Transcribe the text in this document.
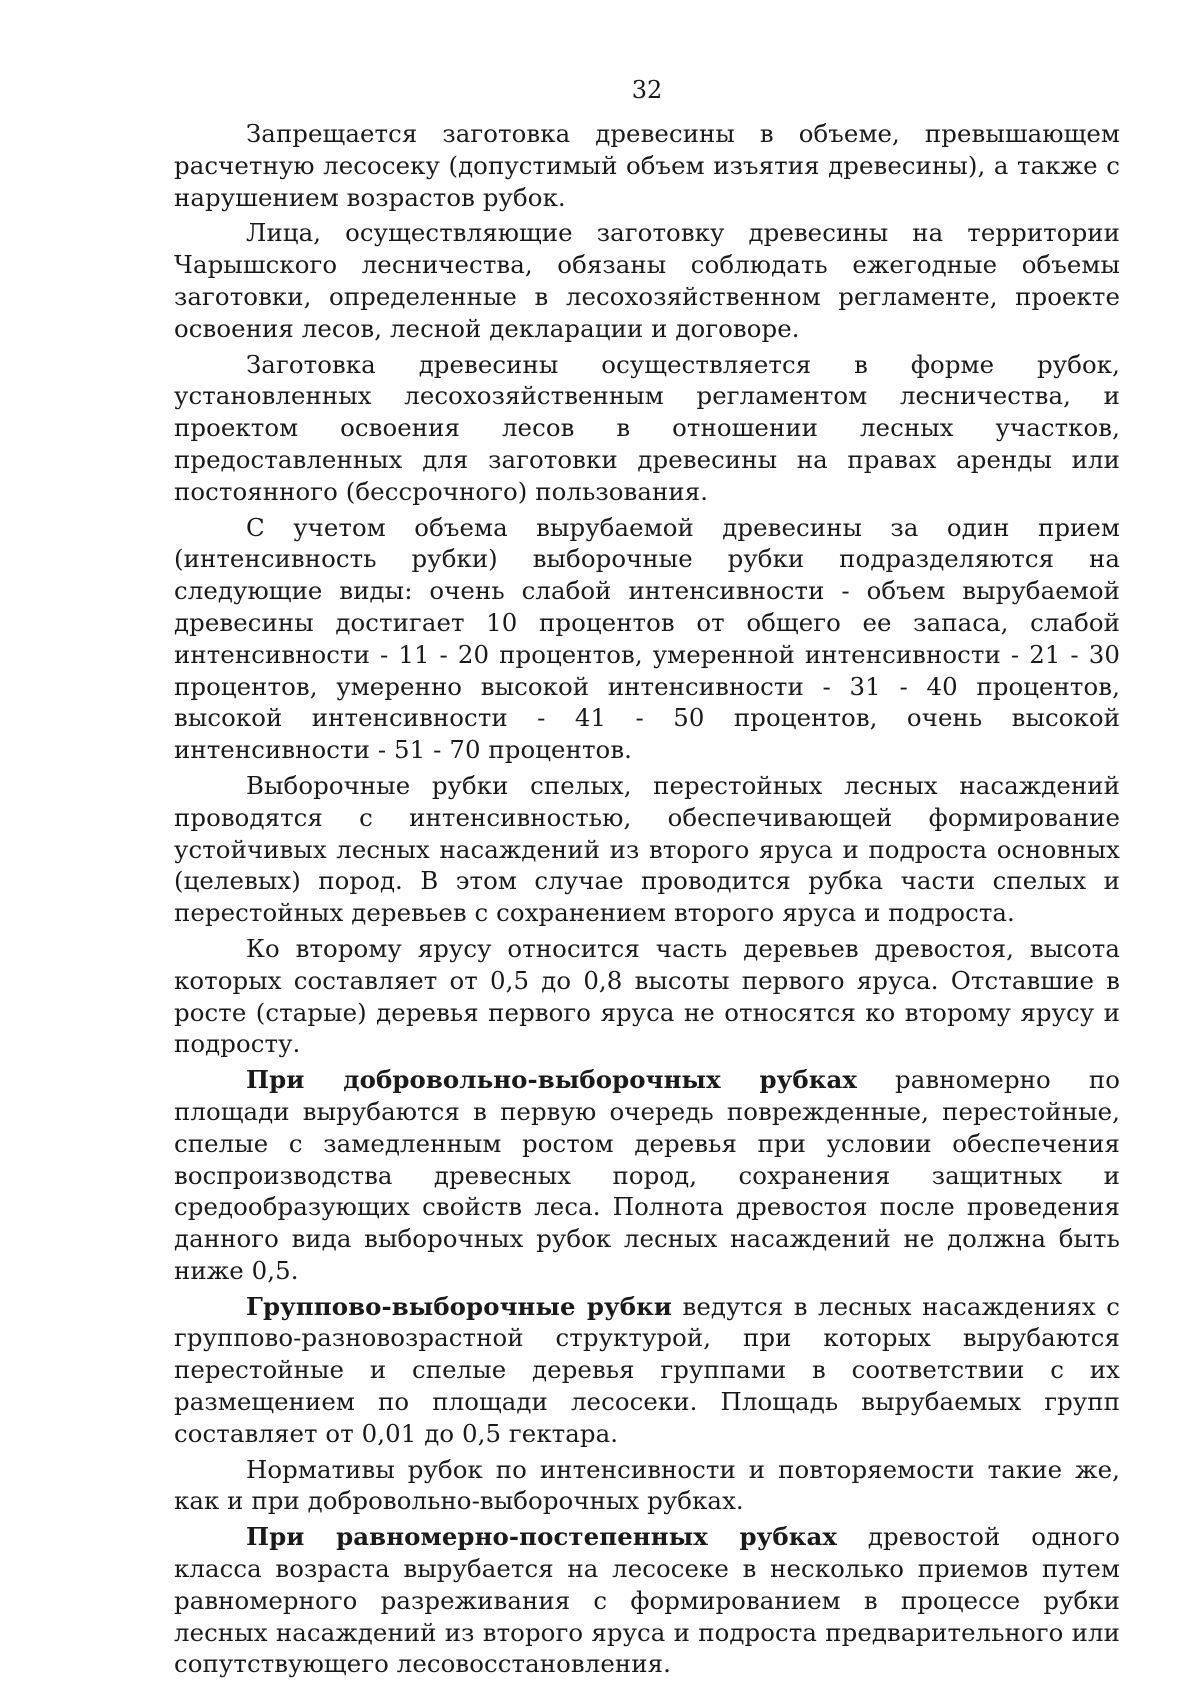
32

Запрещается заготовка древесины в объеме, превышающем расчетную лесосеку (допустимый объем изъятия древесины), а также с нарушением возрастов рубок.

Лица, осуществляющие заготовку древесины на территории Чарышского лесничества, обязаны соблюдать ежегодные объемы заготовки, определенные в лесохозяйственном регламенте, проекте освоения лесов, лесной декларации и договоре.

Заготовка древесины осуществляется в форме рубок, установленных лесохозяйственным регламентом лесничества, и проектом освоения лесов в отношении лесных участков, предоставленных для заготовки древесины на правах аренды или постоянного (бессрочного) пользования.

С учетом объема вырубаемой древесины за один прием (интенсивность рубки) выборочные рубки подразделяются на следующие виды: очень слабой интенсивности - объем вырубаемой древесины достигает 10 процентов от общего ее запаса, слабой интенсивности - 11 - 20 процентов, умеренной интенсивности - 21 - 30 процентов, умеренно высокой интенсивности - 31 - 40 процентов, высокой интенсивности - 41 - 50 процентов, очень высокой интенсивности - 51 - 70 процентов.

Выборочные рубки спелых, перестойных лесных насаждений проводятся с интенсивностью, обеспечивающей формирование устойчивых лесных насаждений из второго яруса и подроста основных (целевых) пород. В этом случае проводится рубка части спелых и перестойных деревьев с сохранением второго яруса и подроста.

Ко второму ярусу относится часть деревьев древостоя, высота которых составляет от 0,5 до 0,8 высоты первого яруса. Отставшие в росте (старые) деревья первого яруса не относятся ко второму ярусу и подросту.

При добровольно-выборочных рубках равномерно по площади вырубаются в первую очередь поврежденные, перестойные, спелые с замедленным ростом деревья при условии обеспечения воспроизводства древесных пород, сохранения защитных и средообразующих свойств леса. Полнота древостоя после проведения данного вида выборочных рубок лесных насаждений не должна быть ниже 0,5.

Группово-выборочные рубки ведутся в лесных насаждениях с группово-разновозрастной структурой, при которых вырубаются перестойные и спелые деревья группами в соответствии с их размещением по площади лесосеки. Площадь вырубаемых групп составляет от 0,01 до 0,5 гектара.

Нормативы рубок по интенсивности и повторяемости такие же, как и при добровольно-выборочных рубках.

При равномерно-постепенных рубках древостой одного класса возраста вырубается на лесосеке в несколько приемов путем равномерного разреживания с формированием в процессе рубки лесных насаждений из второго яруса и подроста предварительного или сопутствующего лесовосстановления.
